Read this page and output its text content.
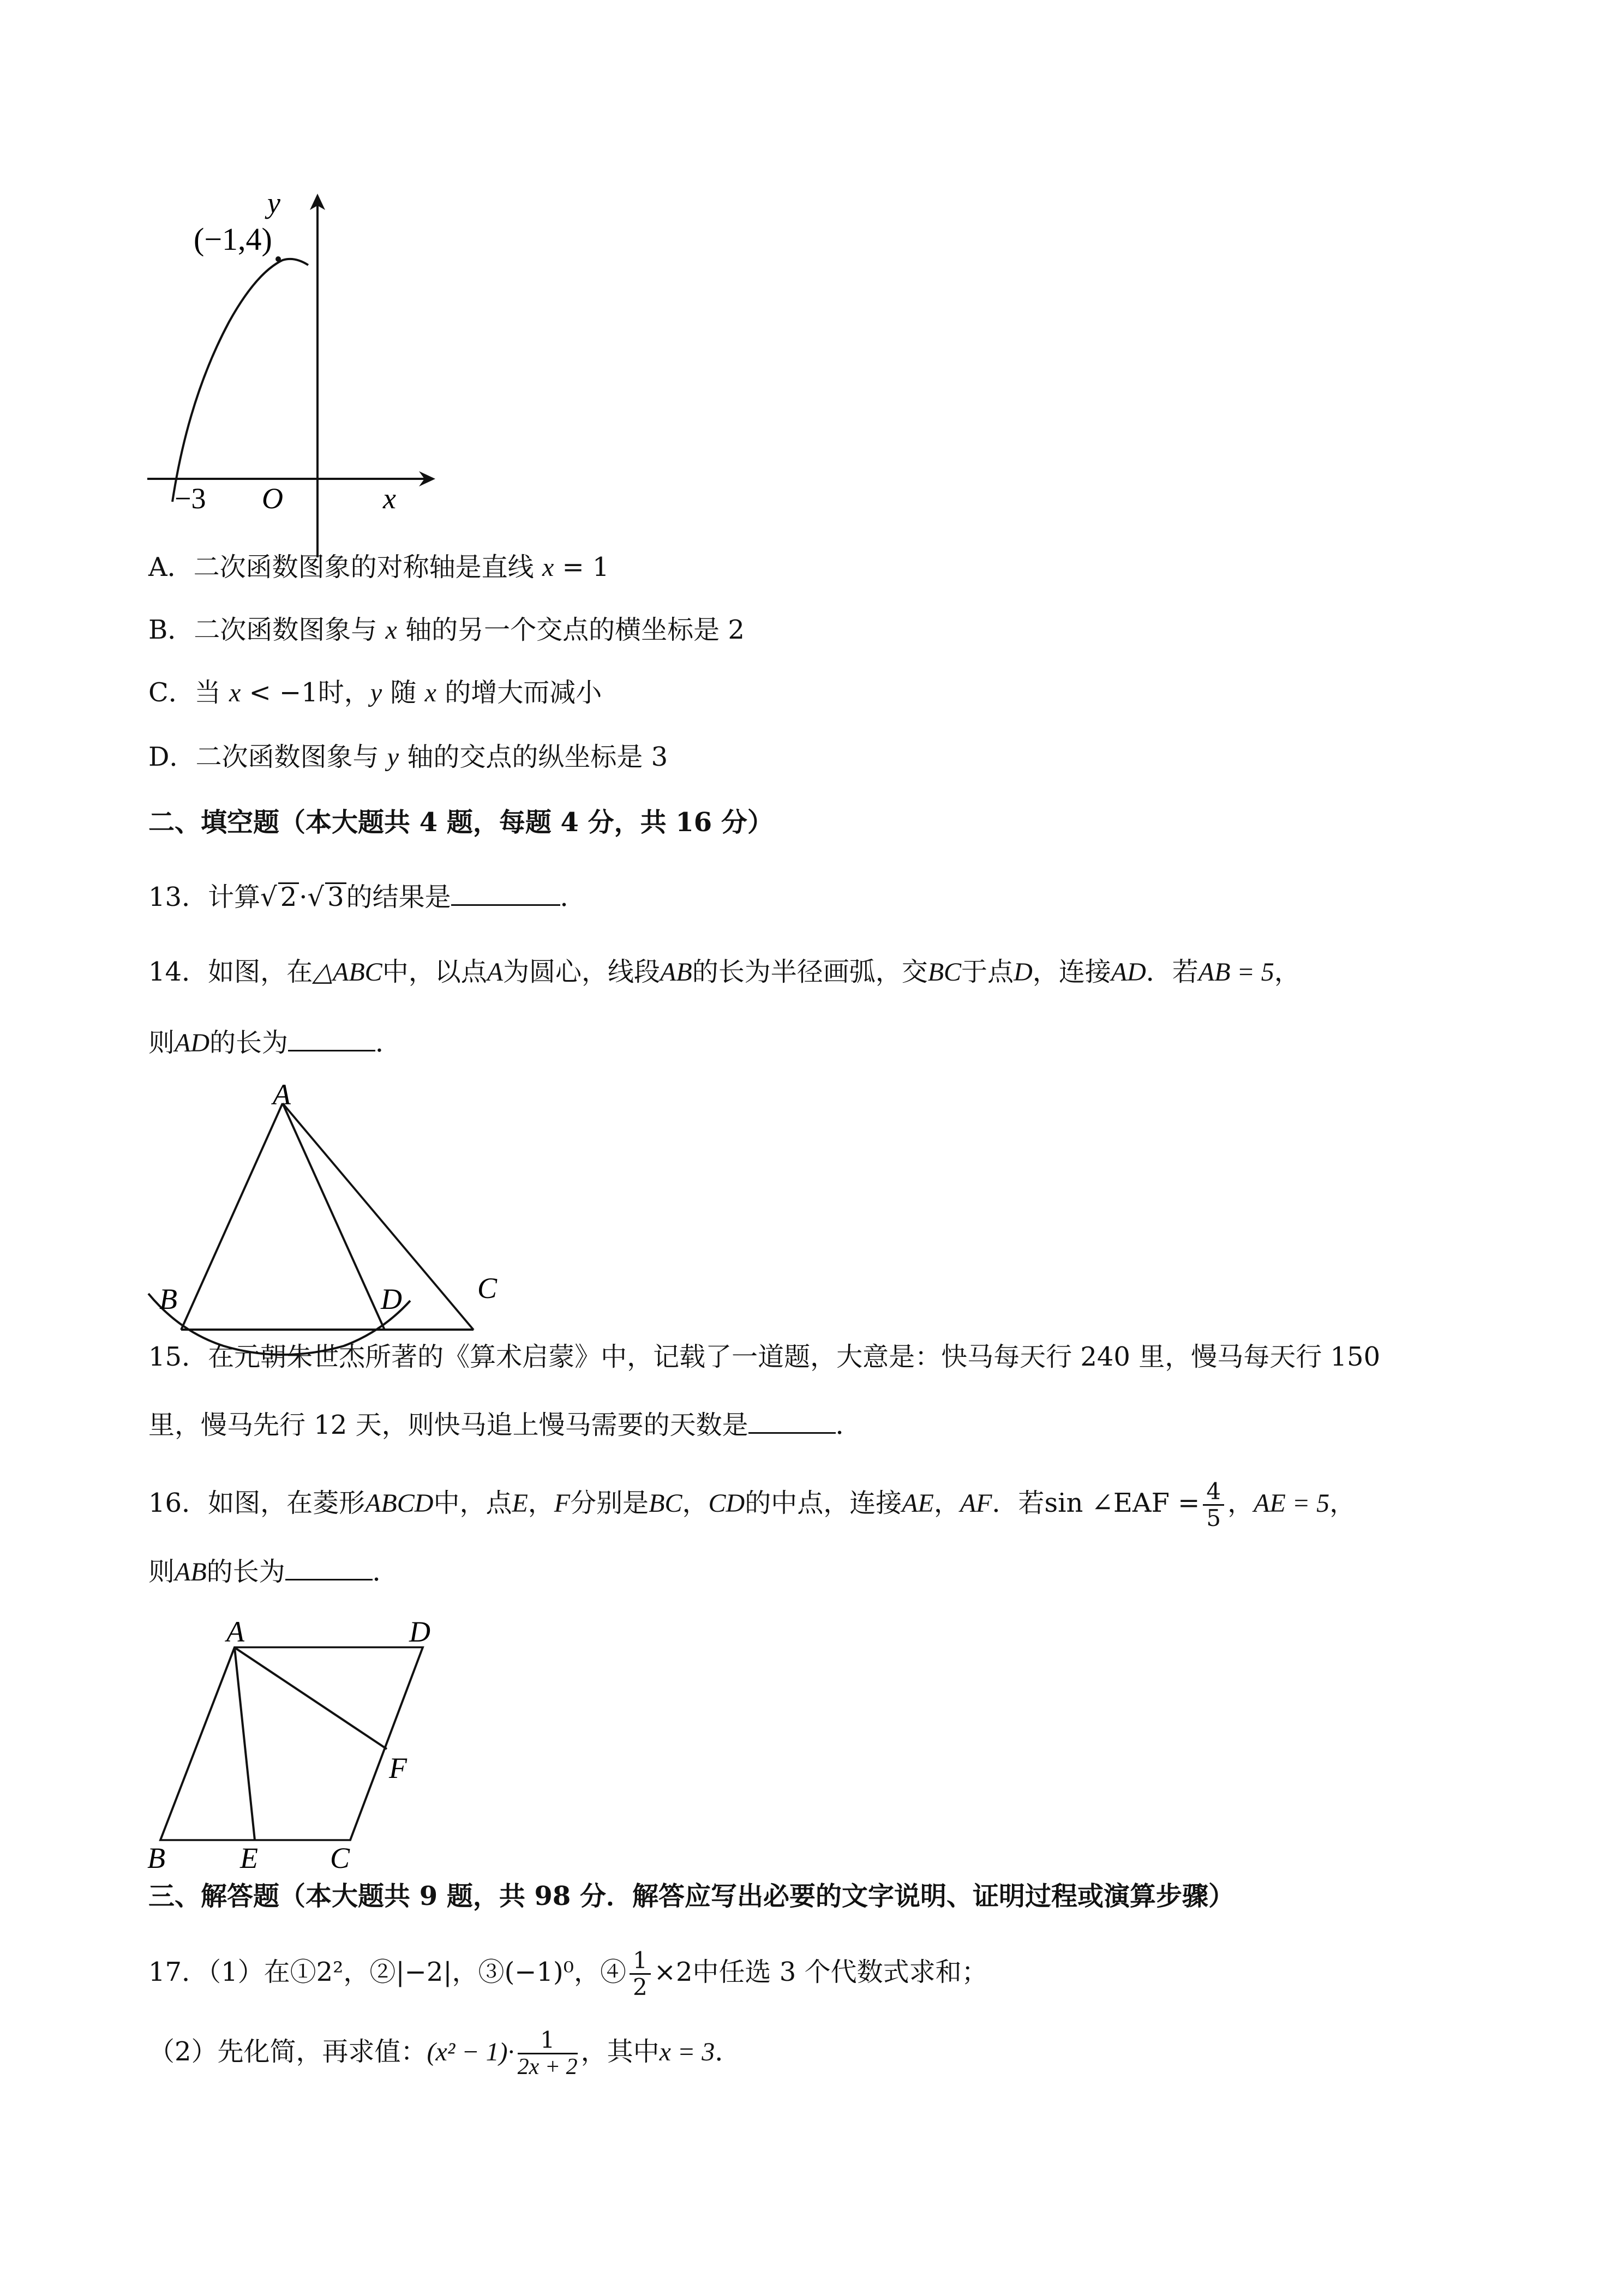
(−1,4)
−3 O	x
y
A．二次函数图象的对称轴是直线 x = 1
B．二次函数图象与 x 轴的另一个交点的横坐标是 2
C．当 x < −1时，y 随 x 的增大而减小
D．二次函数图象与 y 轴的交点的纵坐标是 3
二、填空题（本大题共 4 题，每题 4 分，共 16 分）
13．计算√ 2·√ 3的结果是	．
14．如图，在△ABC中，以点A为圆心，线段AB的长为半径画弧，交BC于点D，连接AD．若AB = 5，
则AD的长为	．
A
B	D	C
15．在元朝朱世杰所著的《算术启蒙》中，记载了一道题，大意是：快马每天行 240 里，慢马每天行 150
里，慢马先行 12 天，则快马追上慢马需要的天数是	．
16．如图，在菱形ABCD中，点E，F分别是BC，CD的中点，连接AE，AF．若sin ∠EAF = $\frac{4}{5}$ ，AE = 5，
则AB的长为	．
A	D
F
B	E C
三、解答题（本大题共 9 题，共 98 分．解答应写出必要的文字说明、证明过程或演算步骤）
17．（1）在①2²，②|−2|，③(−1)⁰，④ $\frac{1}{2} \times 2$中任选 3 个代数式求和；
（2）先化简，再求值：$(x^2 - 1)\cdot \frac{1}{2x + 2}$ ，其中x = 3．
